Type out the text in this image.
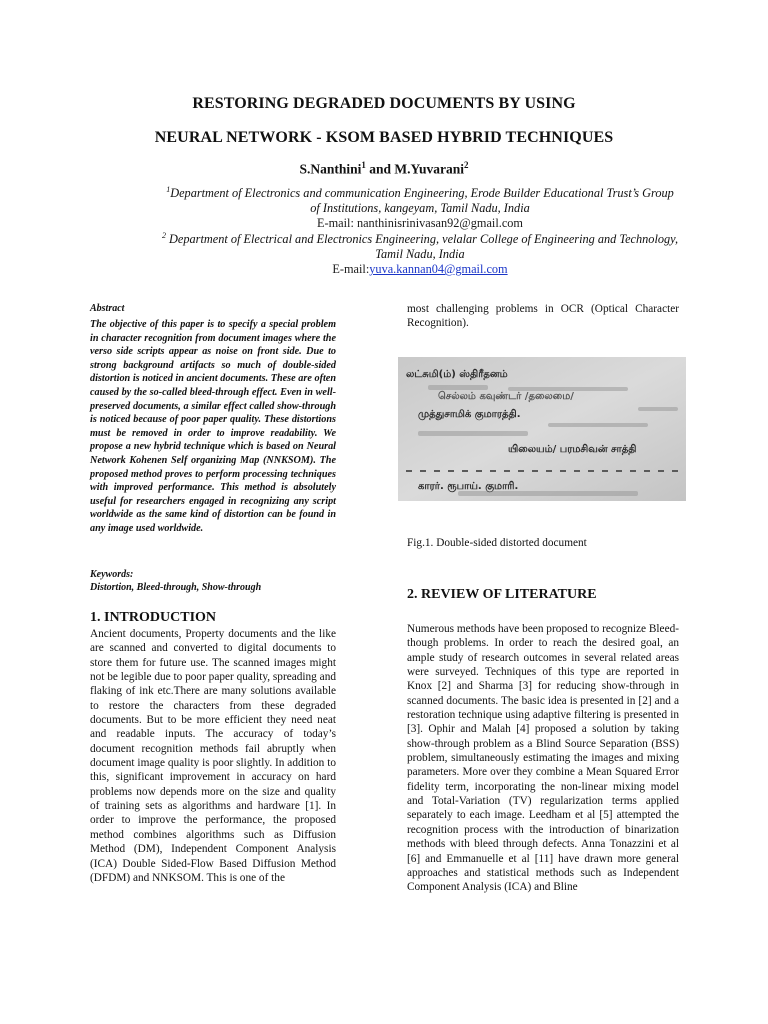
RESTORING DEGRADED DOCUMENTS BY USING
NEURAL NETWORK - KSOM BASED HYBRID TECHNIQUES
S.Nanthini$^1$ and M.Yuvarani$^2$
$^1$Department of Electronics and communication Engineering, Erode Builder Educational Trust’s Group of Institutions, kangeyam, Tamil Nadu, India
E-mail: nanthinisrinivasan92@gmail.com
$^2$ Department of Electrical and Electronics Engineering, velalar College of Engineering and Technology, Tamil Nadu, India
E-mail:yuva.kannan04@gmail.com
Abstract
The objective of this paper is to specify a special problem in character recognition from document images where the verso side scripts appear as noise on front side. Due to strong background artifacts so much of double-sided distortion is noticed in ancient documents. These are often caused by the so-called bleed-through effect. Even in well-preserved documents, a similar effect called show-through is noticed because of poor paper quality. These distortions must be removed in order to improve readability. We propose a new hybrid technique which is based on Neural Network Kohenen Self organizing Map (NNKSOM). The proposed method proves to perform processing techniques with improved performance. This method is absolutely useful for researchers engaged in recognizing any script worldwide as the same kind of distortion can be found in any image used worldwide.
Keywords:
Distortion, Bleed-through, Show-through
1. INTRODUCTION
Ancient documents, Property documents and the like are scanned and converted to digital documents to store them for future use. The scanned images might not be legible due to poor paper quality, spreading and flaking of ink etc.There are many solutions available to restore the characters from these degraded documents. But to be more efficient they need neat and readable inputs. The accuracy of today’s document recognition methods fail abruptly when document image quality is poor slightly. In addition to this, significant improvement in accuracy on hard problems now depends more on the size and quality of training sets as algorithms and hardware [1]. In order to improve the performance, the proposed method combines algorithms such as Diffusion Method (DM), Independent Component Analysis (ICA) Double Sided-Flow Based Diffusion Method (DFDM) and NNKSOM. This is one of the
most challenging problems in OCR (Optical Character Recognition).
லட்சுமி(ம்) ஸ்திரீதனம்
செல்லம் கவுண்டர் /தலைமை/
முத்துசாமிக் குமாரத்தி.
யிலையம்/ பரமசிவன் சாத்தி
காரர். ரூபாய். குமாரி.
Fig.1. Double-sided distorted document
2. REVIEW OF LITERATURE
Numerous methods have been proposed to recognize Bleed-though problems. In order to reach the desired goal, an ample study of research outcomes in several related areas were surveyed. Techniques of this type are reported in Knox [2] and Sharma [3] for reducing show-through in scanned documents. The basic idea is presented in [2] and a restoration technique using adaptive filtering is presented in [3]. Ophir and Malah [4] proposed a solution by taking show-through problem as a Blind Source Separation (BSS) problem, simultaneously estimating the images and mixing parameters. More over they combine a Mean Squared Error fidelity term, incorporating the non-linear mixing model and Total-Variation (TV) regularization terms applied separately to each image. Leedham et al [5] attempted the recognition process with the introduction of binarization methods with bleed through defects. Anna Tonazzini et al [6] and Emmanuelle et al [11] have drawn more general approaches and statistical methods such as Independent Component Analysis (ICA) and Bline
